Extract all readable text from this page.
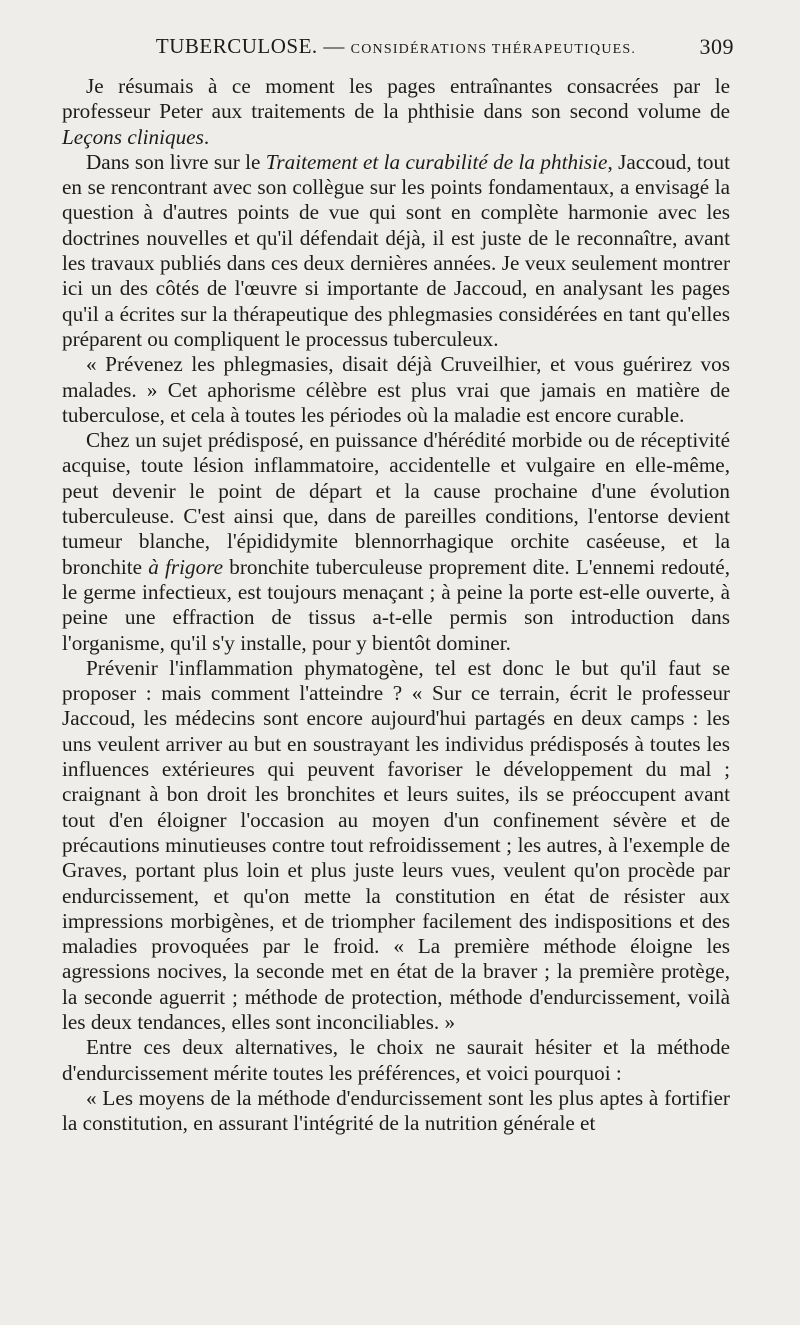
TUBERCULOSE. — CONSIDÉRATIONS THÉRAPEUTIQUES.	309

Je résumais à ce moment les pages entraînantes consacrées par le professeur Peter aux traitements de la phthisie dans son second volume de Leçons cliniques.

Dans son livre sur le Traitement et la curabilité de la phthisie, Jaccoud, tout en se rencontrant avec son collègue sur les points fondamentaux, a envisagé la question à d'autres points de vue qui sont en complète harmonie avec les doctrines nouvelles et qu'il défendait déjà, il est juste de le reconnaître, avant les travaux publiés dans ces deux dernières années. Je veux seulement montrer ici un des côtés de l'œuvre si importante de Jaccoud, en analysant les pages qu'il a écrites sur la thérapeutique des phlegmasies considérées en tant qu'elles préparent ou compliquent le processus tuberculeux.

« Prévenez les phlegmasies, disait déjà Cruveilhier, et vous guérirez vos malades. » Cet aphorisme célèbre est plus vrai que jamais en matière de tuberculose, et cela à toutes les périodes où la maladie est encore curable.

Chez un sujet prédisposé, en puissance d'hérédité morbide ou de réceptivité acquise, toute lésion inflammatoire, accidentelle et vulgaire en elle-même, peut devenir le point de départ et la cause prochaine d'une évolution tuberculeuse. C'est ainsi que, dans de pareilles conditions, l'entorse devient tumeur blanche, l'épididymite blennorrhagique orchite caséeuse, et la bronchite à frigore bronchite tuberculeuse proprement dite. L'ennemi redouté, le germe infectieux, est toujours menaçant ; à peine la porte est-elle ouverte, à peine une effraction de tissus a-t-elle permis son introduction dans l'organisme, qu'il s'y installe, pour y bientôt dominer.

Prévenir l'inflammation phymatogène, tel est donc le but qu'il faut se proposer : mais comment l'atteindre ? « Sur ce terrain, écrit le professeur Jaccoud, les médecins sont encore aujourd'hui partagés en deux camps : les uns veulent arriver au but en soustrayant les individus prédisposés à toutes les influences extérieures qui peuvent favoriser le développement du mal ; craignant à bon droit les bronchites et leurs suites, ils se préoccupent avant tout d'en éloigner l'occasion au moyen d'un confinement sévère et de précautions minutieuses contre tout refroidissement ; les autres, à l'exemple de Graves, portant plus loin et plus juste leurs vues, veulent qu'on procède par endurcissement, et qu'on mette la constitution en état de résister aux impressions morbigènes, et de triompher facilement des indispositions et des maladies provoquées par le froid. « La première méthode éloigne les agressions nocives, la seconde met en état de la braver ; la première protège, la seconde aguerrit ; méthode de protection, méthode d'endurcissement, voilà les deux tendances, elles sont inconciliables. »

Entre ces deux alternatives, le choix ne saurait hésiter et la méthode d'endurcissement mérite toutes les préférences, et voici pourquoi :

« Les moyens de la méthode d'endurcissement sont les plus aptes à fortifier la constitution, en assurant l'intégrité de la nutrition générale et
